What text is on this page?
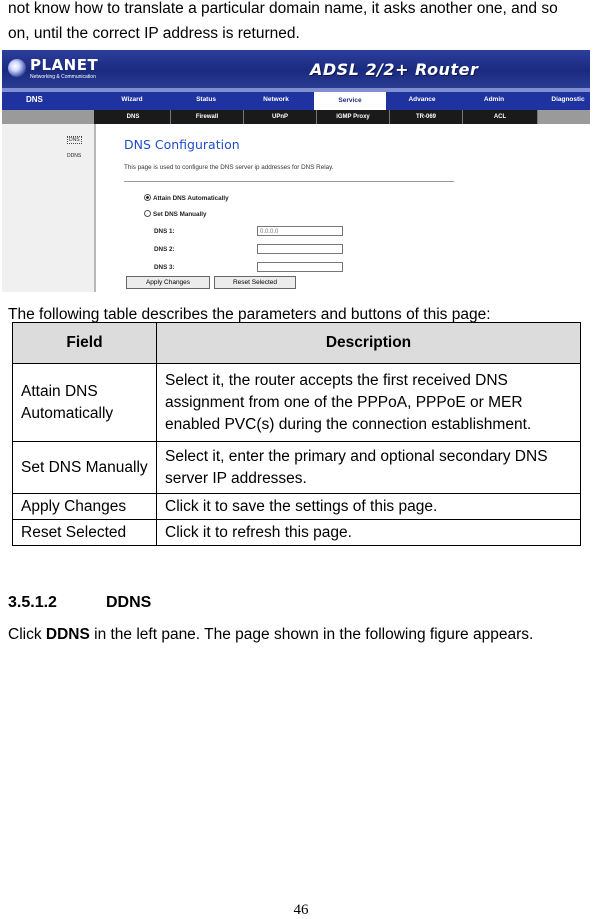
not know how to translate a particular domain name, it asks another one, and so
on, until the correct IP address is returned.
PLANET
Networking & Communication	ADSL 2/2+ Router
DNS	Wizard	Status	Network	Service	Advance	Admin	Diagnostic
DNS	Firewall	UPnP	IGMP Proxy	TR-069	ACL
DNS
DDNS
DNS Configuration
This page is used to configure the DNS server ip addresses for DNS Relay.
Attain DNS Automatically
Set DNS Manually
DNS 1:	0.0.0.0
DNS 2:
DNS 3:
Apply Changes	Reset Selected
The following table describes the parameters and buttons of this page:
Field	Description
Attain DNS Automatically	Select it, the router accepts the first received DNS assignment from one of the PPPoA, PPPoE or MER enabled PVC(s) during the connection establishment.
Set DNS Manually	Select it, enter the primary and optional secondary DNS server IP addresses.
Apply Changes	Click it to save the settings of this page.
Reset Selected	Click it to refresh this page.
3.5.1.2	DDNS
Click DDNS in the left pane. The page shown in the following figure appears.
46
